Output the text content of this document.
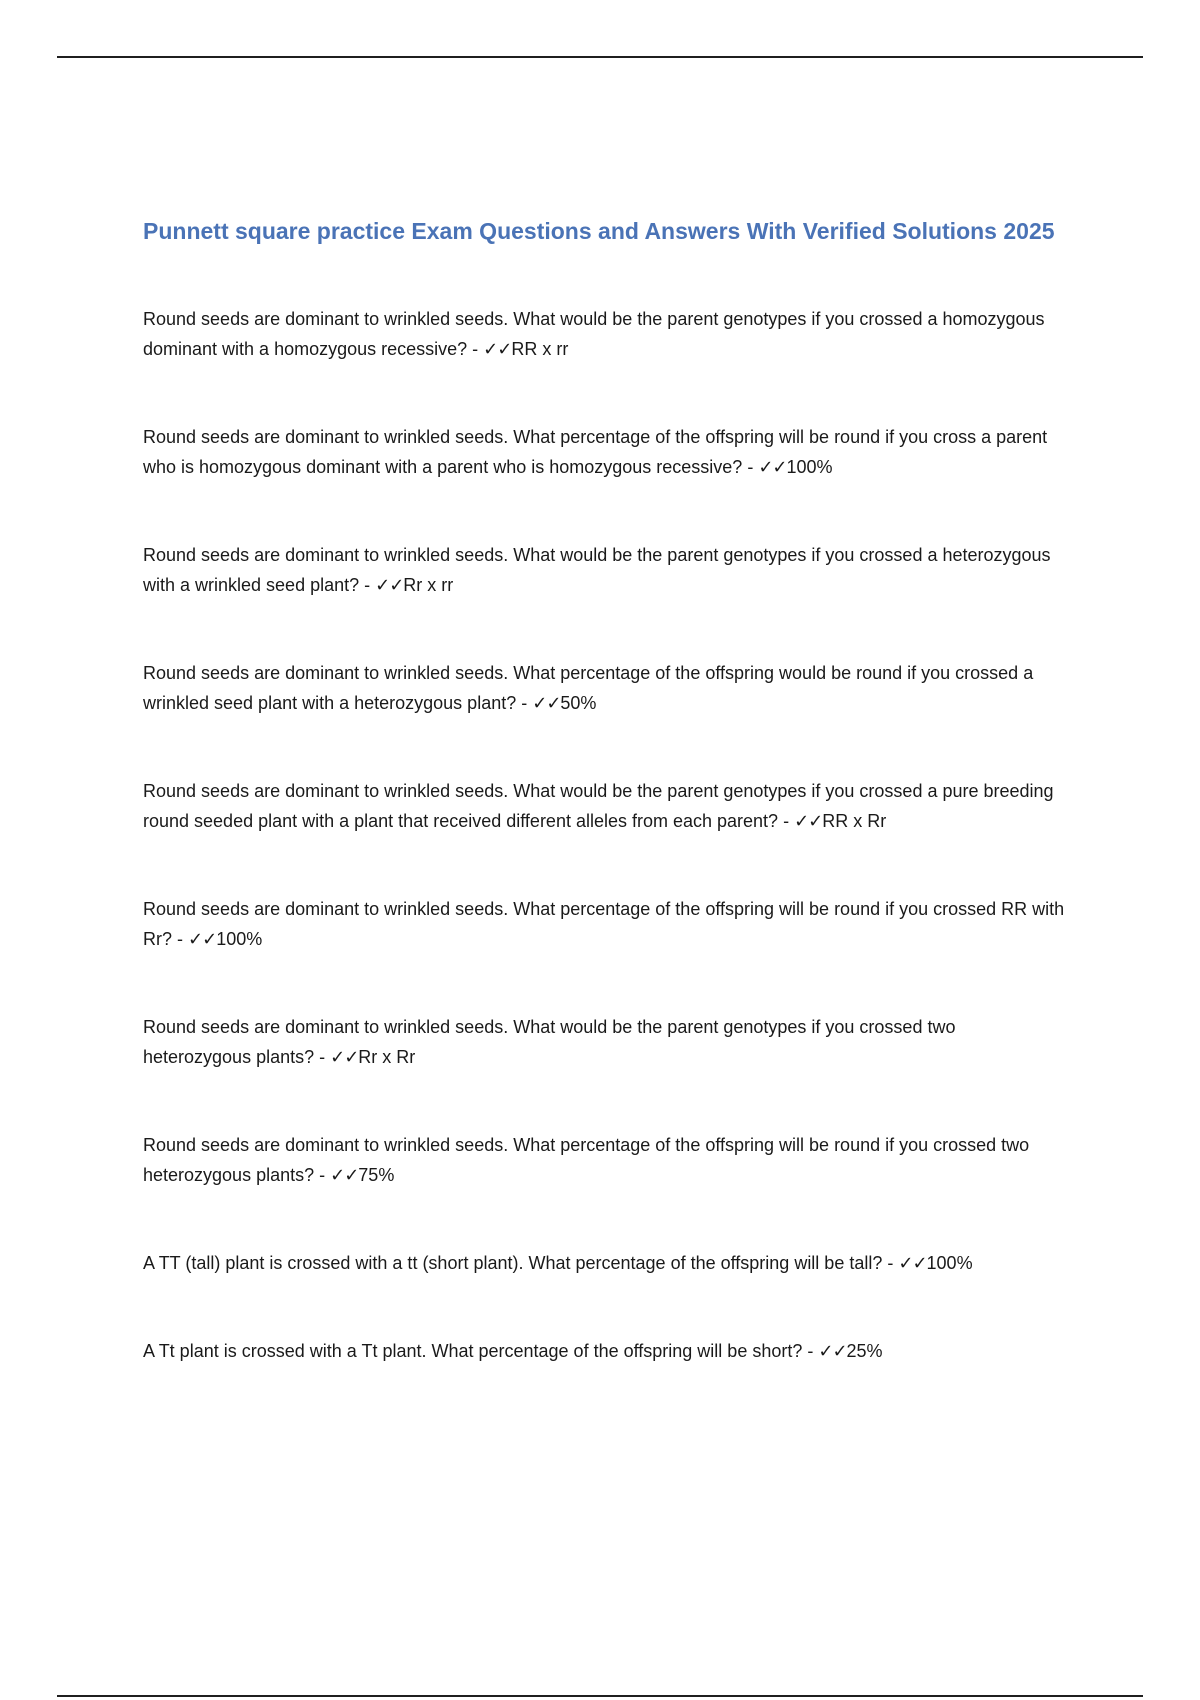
Punnett square practice Exam Questions and Answers With Verified Solutions 2025
Round seeds are dominant to wrinkled seeds. What would be the parent genotypes if you crossed a homozygous dominant with a homozygous recessive? - ✓✓RR x rr
Round seeds are dominant to wrinkled seeds. What percentage of the offspring will be round if you cross a parent who is homozygous dominant with a parent who is homozygous recessive? - ✓✓100%
Round seeds are dominant to wrinkled seeds. What would be the parent genotypes if you crossed a heterozygous with a wrinkled seed plant? - ✓✓Rr x rr
Round seeds are dominant to wrinkled seeds. What percentage of the offspring would be round if you crossed a wrinkled seed plant with a heterozygous plant? - ✓✓50%
Round seeds are dominant to wrinkled seeds. What would be the parent genotypes if you crossed a pure breeding round seeded plant with a plant that received different alleles from each parent? - ✓✓RR x Rr
Round seeds are dominant to wrinkled seeds. What percentage of the offspring will be round if you crossed RR with Rr? - ✓✓100%
Round seeds are dominant to wrinkled seeds. What would be the parent genotypes if you crossed two heterozygous plants? - ✓✓Rr x Rr
Round seeds are dominant to wrinkled seeds. What percentage of the offspring will be round if you crossed two heterozygous plants? - ✓✓75%
A TT (tall) plant is crossed with a tt (short plant). What percentage of the offspring will be tall? - ✓✓100%
A Tt plant is crossed with a Tt plant. What percentage of the offspring will be short? - ✓✓25%
